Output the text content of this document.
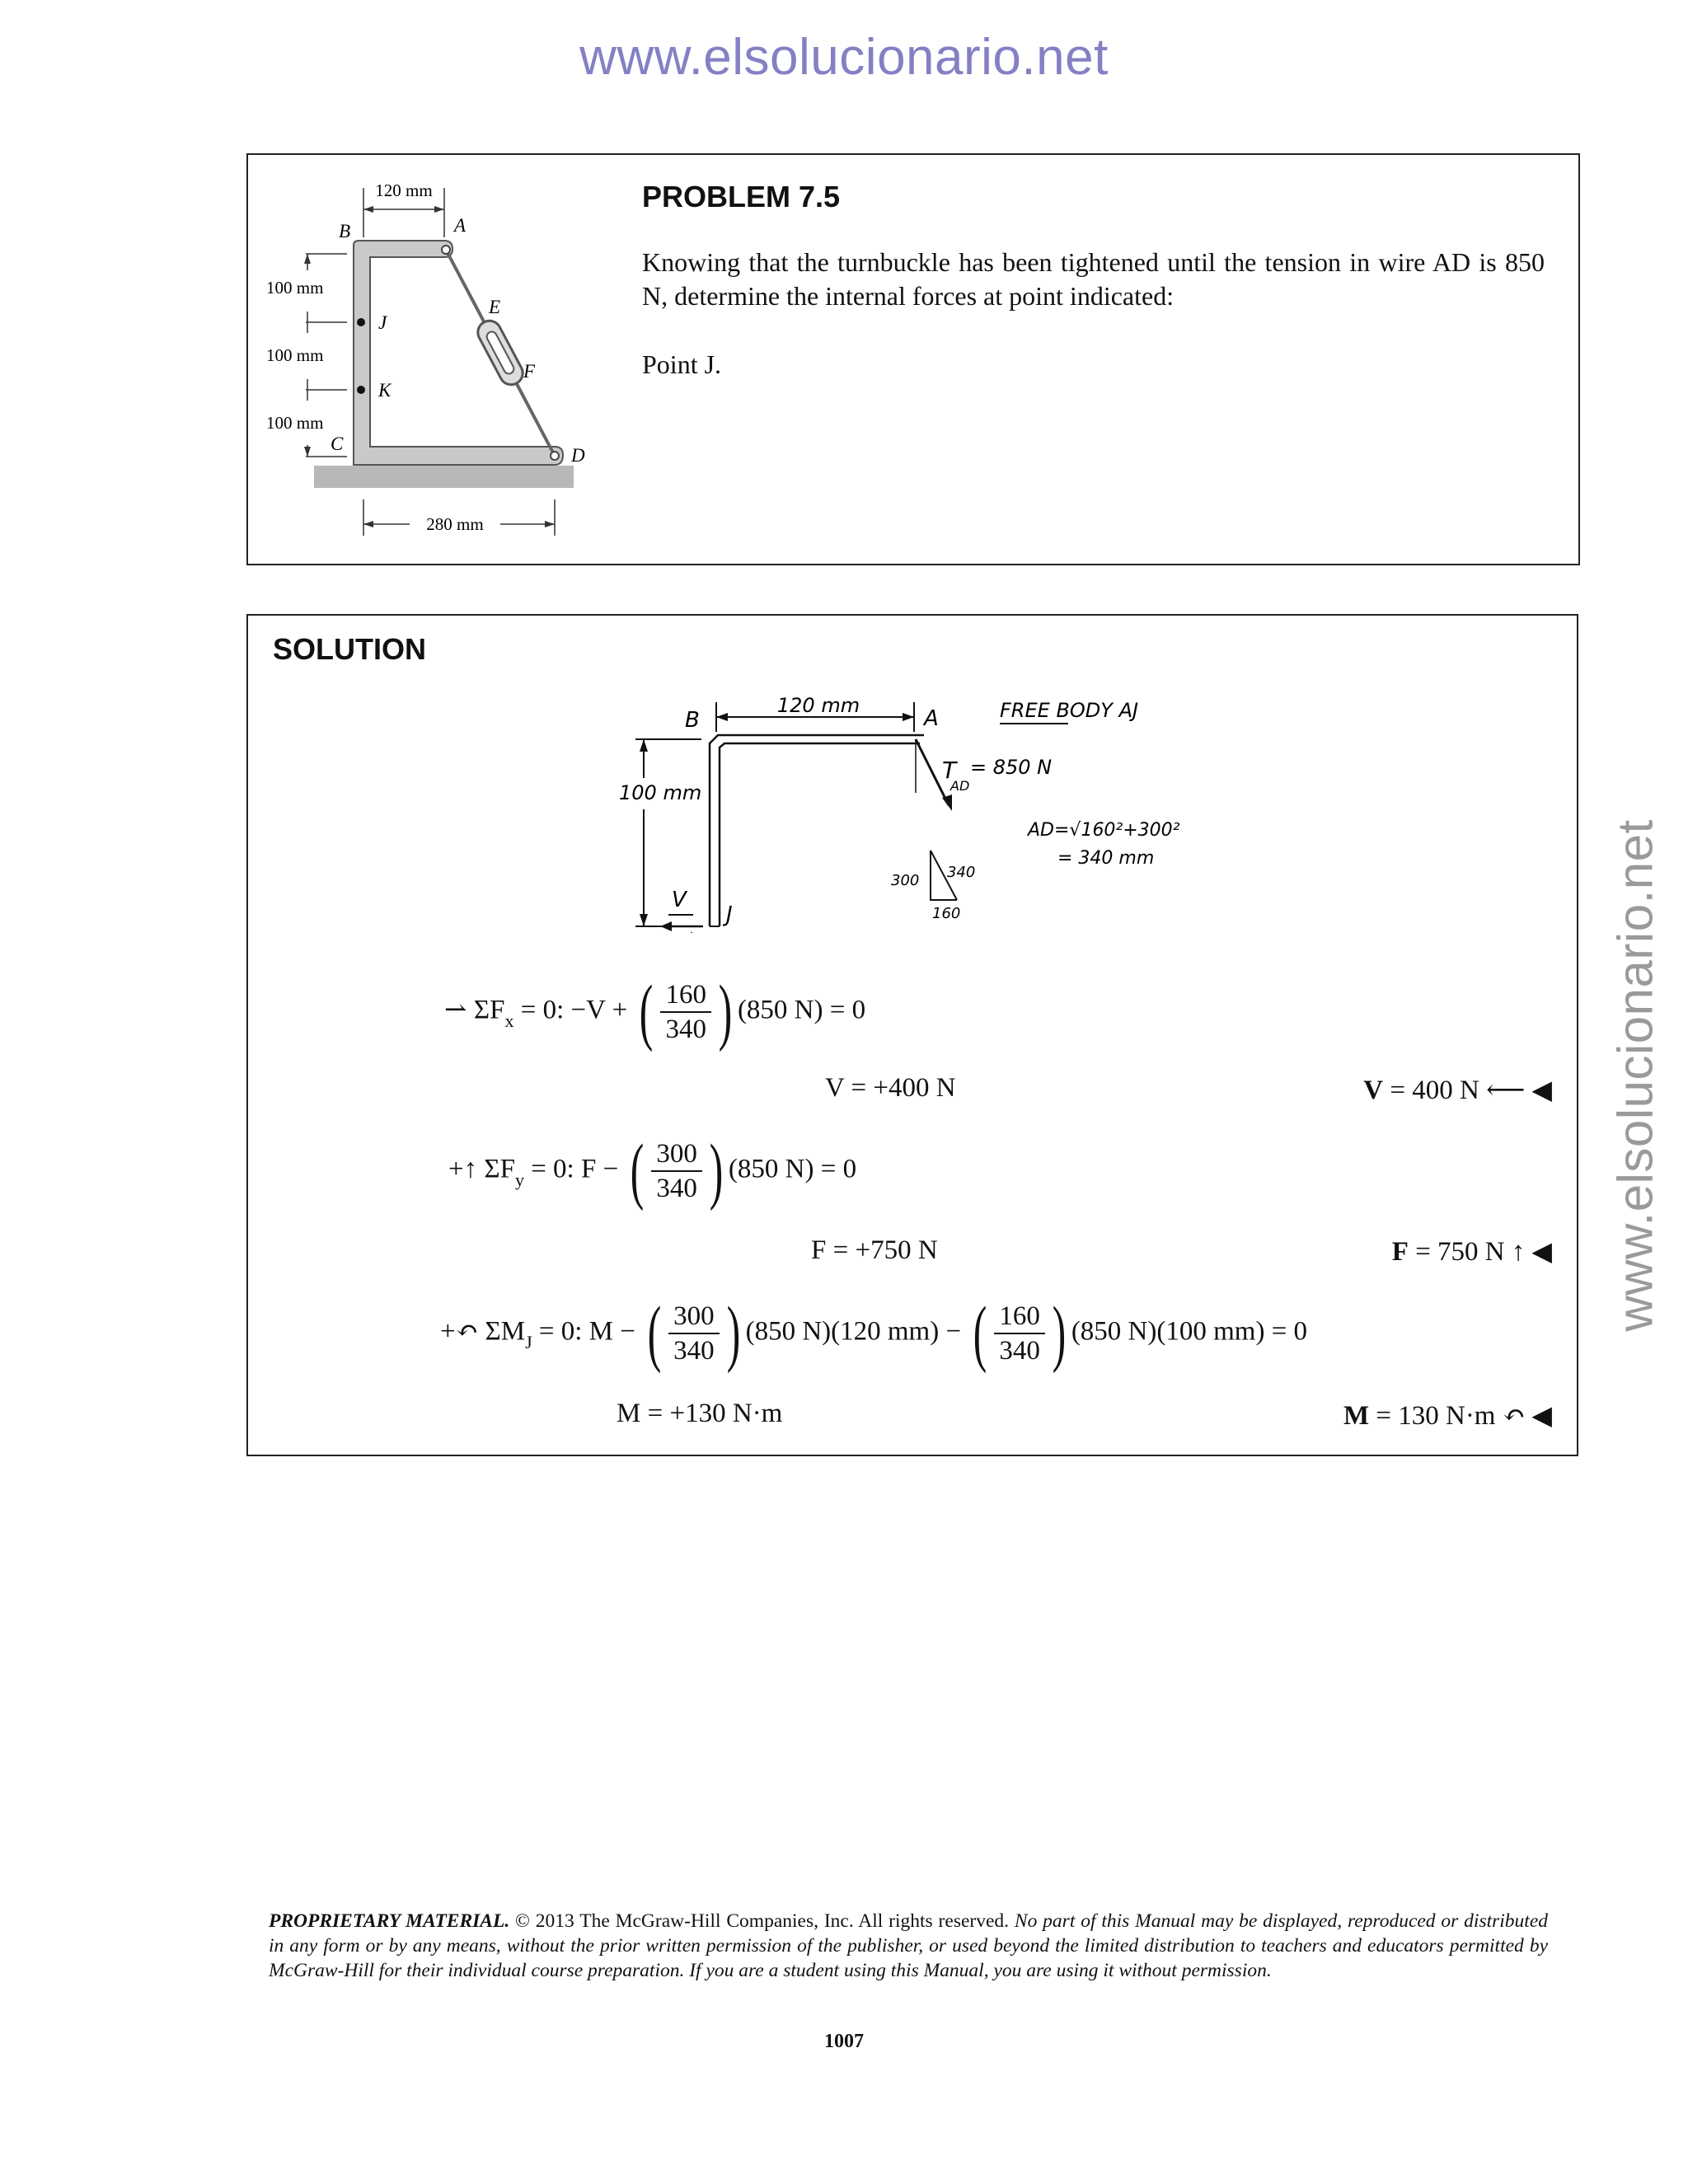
www.elsolucionario.net
www.elsolucionario.net
120 mm
B	A
100 mm
100 mm
100 mm
J
K
E
F
C
D
280 mm
PROBLEM 7.5
Knowing that the turnbuckle has been tightened until the tension in wire AD is 850 N, determine the internal forces at point indicated:
Point J.
SOLUTION
120 mm
B	A	FREE BODY AJ
100 mm
T
AD
= 850 N
300 340
160
AD=√160²+300²
= 340 mm
J
V
⇀ $\Sigma F_x = 0$: −V + ( $\frac{160}{340}$ ) (850 N) = 0
V = +400 N	V = 400 N ⟵ ◀
+↑ $\Sigma F_y = 0$: F − ( $\frac{300}{340}$ ) (850 N) = 0
F = +750 N	F = 750 N ↑ ◀
+↶ $\Sigma M_J = 0$: M − ( $\frac{300}{340}$ ) (850 N)(120 mm) − ( $\frac{160}{340}$ ) (850 N)(100 mm) = 0
M = +130 N·m	M = 130 N·m ↶ ◀
PROPRIETARY MATERIAL. © 2013 The McGraw-Hill Companies, Inc. All rights reserved. No part of this Manual may be displayed, reproduced or distributed in any form or by any means, without the prior written permission of the publisher, or used beyond the limited distribution to teachers and educators permitted by McGraw-Hill for their individual course preparation. If you are a student using this Manual, you are using it without permission.
1007
